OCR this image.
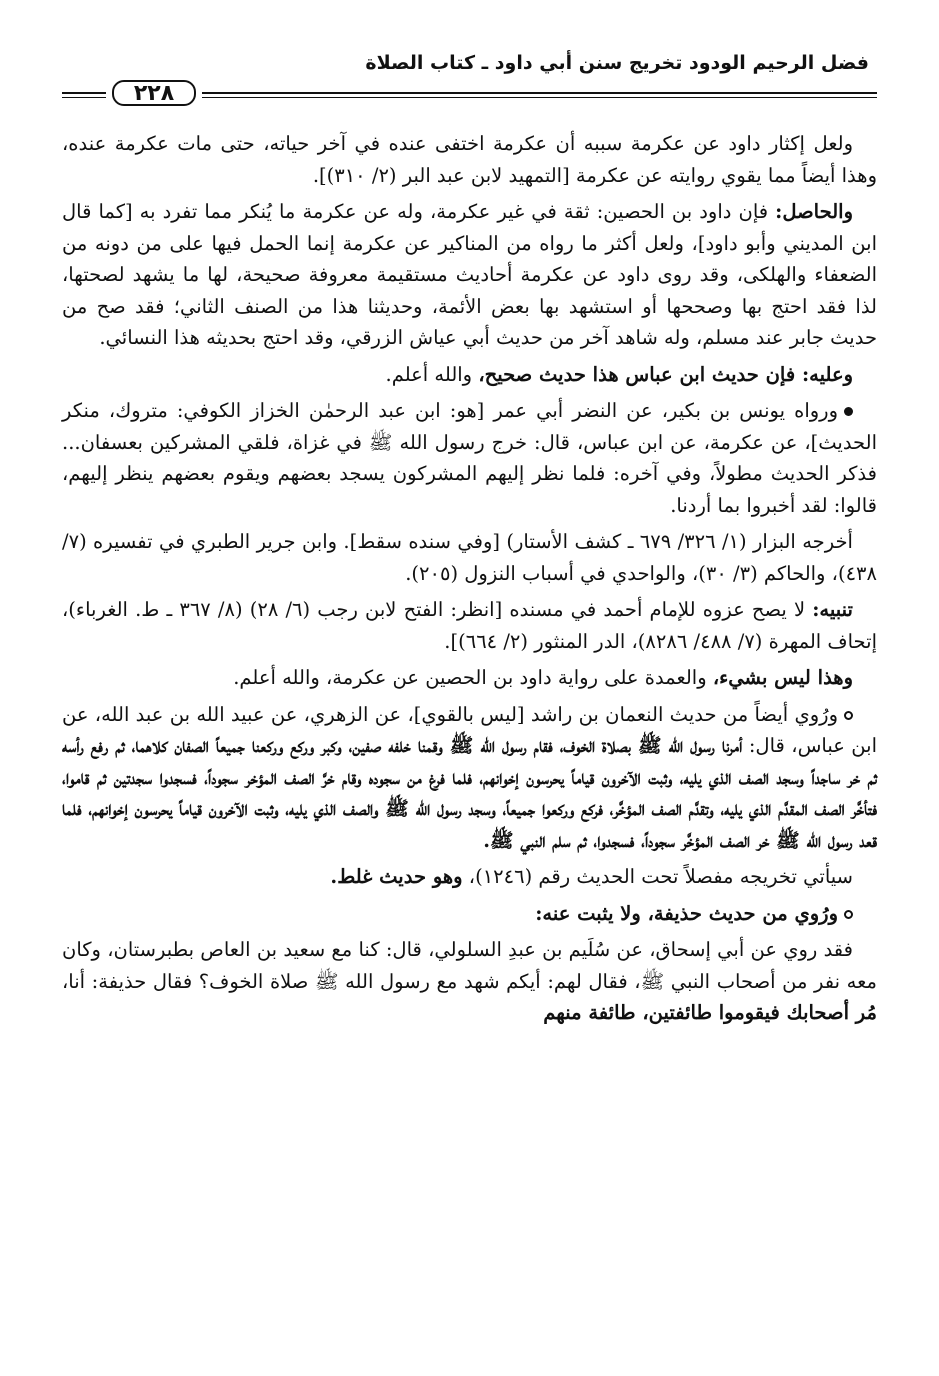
فضل الرحيم الودود تخريج سنن أبي داود ـ كتاب الصلاة
٢٢٨

ولعل إكثار داود عن عكرمة سببه أن عكرمة اختفى عنده في آخر حياته، حتى مات عكرمة عنده، وهذا أيضاً مما يقوي روايته عن عكرمة [التمهيد لابن عبد البر (٢/ ٣١٠)].

والحاصل: فإن داود بن الحصين: ثقة في غير عكرمة، وله عن عكرمة ما يُنكر مما تفرد به [كما قال ابن المديني وأبو داود]، ولعل أكثر ما رواه من المناكير عن عكرمة إنما الحمل فيها على من دونه من الضعفاء والهلكى، وقد روى داود عن عكرمة أحاديث مستقيمة معروفة صحيحة، لها ما يشهد لصحتها، لذا فقد احتج بها وصححها أو استشهد بها بعض الأئمة، وحديثنا هذا من الصنف الثاني؛ فقد صح من حديث جابر عند مسلم، وله شاهد آخر من حديث أبي عياش الزرقي، وقد احتج بحديثه هذا النسائي.

وعليه: فإن حديث ابن عباس هذا حديث صحيح، والله أعلم.

ورواه يونس بن بكير، عن النضر أبي عمر [هو: ابن عبد الرحمٰن الخزاز الكوفي: متروك، منكر الحديث]، عن عكرمة، عن ابن عباس، قال: خرج رسول الله ﷺ في غزاة، فلقي المشركين بعسفان... فذكر الحديث مطولاً، وفي آخره: فلما نظر إليهم المشركون يسجد بعضهم ويقوم بعضهم ينظر إليهم، قالوا: لقد أخبروا بما أردنا.

أخرجه البزار (١/ ٣٢٦/ ٦٧٩ ـ كشف الأستار) [وفي سنده سقط]. وابن جرير الطبري في تفسيره (٧/ ٤٣٨)، والحاكم (٣/ ٣٠)، والواحدي في أسباب النزول (٢٠٥).

تنبيه: لا يصح عزوه للإمام أحمد في مسنده [انظر: الفتح لابن رجب (٦/ ٢٨) (٨/ ٣٦٧ ـ ط. الغرباء)، إتحاف المهرة (٧/ ٤٨٨/ ٨٢٨٦)، الدر المنثور (٢/ ٦٦٤)].

وهذا ليس بشيء، والعمدة على رواية داود بن الحصين عن عكرمة، والله أعلم.

ورُوي أيضاً من حديث النعمان بن راشد [ليس بالقوي]، عن الزهري، عن عبيد الله بن عبد الله، عن ابن عباس، قال: أمرنا رسول الله ﷺ بصلاة الخوف، فقام رسول الله ﷺ وقمنا خلفه صفين، وكبر وركع وركعنا جميعاً الصفان كلاهما، ثم رفع رأسه ثم خر ساجداً وسجد الصف الذي يليه، وثبت الآخرون قياماً يحرسون إخوانهم، فلما فرغ من سجوده وقام خرَّ الصف المؤخر سجوداً، فسجدوا سجدتين ثم قاموا، فتأخَّر الصف المقدَّم الذي يليه، وتقدَّم الصف المؤخَّر، فركع وركعوا جميعاً، وسجد رسول الله ﷺ والصف الذي يليه، وثبت الآخرون قياماً يحرسون إخوانهم، فلما قعد رسول الله ﷺ خر الصف المؤخَّر سجوداً، فسجدوا، ثم سلم النبي ﷺ.

سيأتي تخريجه مفصلاً تحت الحديث رقم (١٢٤٦)، وهو حديث غلط.

ورُوي من حديث حذيفة، ولا يثبت عنه:

فقد روي عن أبي إسحاق، عن سُلَيم بن عبدِ السلولي، قال: كنا مع سعيد بن العاص بطبرستان، وكان معه نفر من أصحاب النبي ﷺ، فقال لهم: أيكم شهد مع رسول الله ﷺ صلاة الخوف؟ فقال حذيفة: أنا، مُر أصحابك فيقوموا طائفتين، طائفة منهم
